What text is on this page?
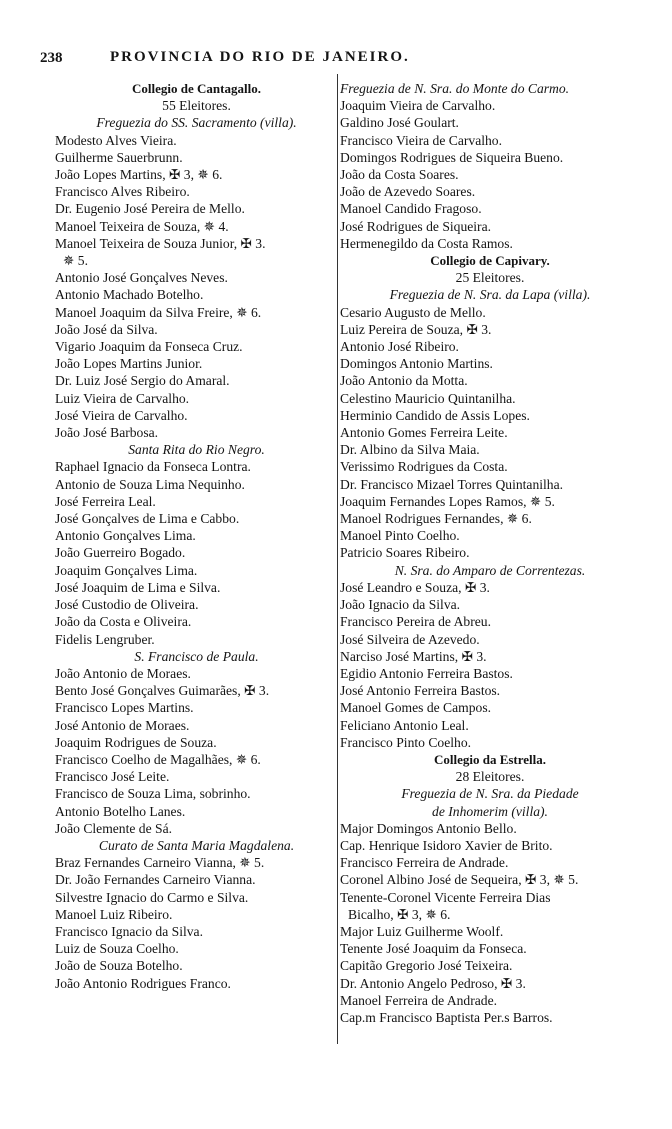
238	PROVINCIA DO RIO DE JANEIRO.
Collegio de Cantagallo.
55 Eleitores.
Freguezia do SS. Sacramento (villa).
Modesto Alves Vieira.
Guilherme Sauerbrunn.
João Lopes Martins, ✠ 3, ✵ 6.
Francisco Alves Ribeiro.
Dr. Eugenio José Pereira de Mello.
Manoel Teixeira de Souza, ✵ 4.
Manoel Teixeira de Souza Junior, ✠ 3.
✵ 5.
Antonio José Gonçalves Neves.
Antonio Machado Botelho.
Manoel Joaquim da Silva Freire, ✵ 6.
João José da Silva.
Vigario Joaquim da Fonseca Cruz.
João Lopes Martins Junior.
Dr. Luiz José Sergio do Amaral.
Luiz Vieira de Carvalho.
José Vieira de Carvalho.
João José Barbosa.
Santa Rita do Rio Negro.
Raphael Ignacio da Fonseca Lontra.
Antonio de Souza Lima Nequinho.
José Ferreira Leal.
José Gonçalves de Lima e Cabbo.
Antonio Gonçalves Lima.
João Guerreiro Bogado.
Joaquim Gonçalves Lima.
José Joaquim de Lima e Silva.
José Custodio de Oliveira.
João da Costa e Oliveira.
Fidelis Lengruber.
S. Francisco de Paula.
João Antonio de Moraes.
Bento José Gonçalves Guimarães, ✠ 3.
Francisco Lopes Martins.
José Antonio de Moraes.
Joaquim Rodrigues de Souza.
Francisco Coelho de Magalhães, ✵ 6.
Francisco José Leite.
Francisco de Souza Lima, sobrinho.
Antonio Botelho Lanes.
João Clemente de Sá.
Curato de Santa Maria Magdalena.
Braz Fernandes Carneiro Vianna, ✵ 5.
Dr. João Fernandes Carneiro Vianna.
Silvestre Ignacio do Carmo e Silva.
Manoel Luiz Ribeiro.
Francisco Ignacio da Silva.
Luiz de Souza Coelho.
João de Souza Botelho.
João Antonio Rodrigues Franco.
Freguezia de N. Sra. do Monte do Carmo.
Joaquim Vieira de Carvalho.
Galdino José Goulart.
Francisco Vieira de Carvalho.
Domingos Rodrigues de Siqueira Bueno.
João da Costa Soares.
João de Azevedo Soares.
Manoel Candido Fragoso.
José Rodrigues de Siqueira.
Hermenegildo da Costa Ramos.
Collegio de Capivary.
25 Eleitores.
Freguezia de N. Sra. da Lapa (villa).
Cesario Augusto de Mello.
Luiz Pereira de Souza, ✠ 3.
Antonio José Ribeiro.
Domingos Antonio Martins.
João Antonio da Motta.
Celestino Mauricio Quintanilha.
Herminio Candido de Assis Lopes.
Antonio Gomes Ferreira Leite.
Dr. Albino da Silva Maia.
Verissimo Rodrigues da Costa.
Dr. Francisco Mizael Torres Quintanilha.
Joaquim Fernandes Lopes Ramos, ✵ 5.
Manoel Rodrigues Fernandes, ✵ 6.
Manoel Pinto Coelho.
Patricio Soares Ribeiro.
N. Sra. do Amparo de Correntezas.
José Leandro e Souza, ✠ 3.
João Ignacio da Silva.
Francisco Pereira de Abreu.
José Silveira de Azevedo.
Narciso José Martins, ✠ 3.
Egidio Antonio Ferreira Bastos.
José Antonio Ferreira Bastos.
Manoel Gomes de Campos.
Feliciano Antonio Leal.
Francisco Pinto Coelho.
Collegio da Estrella.
28 Eleitores.
Freguezia de N. Sra. da Piedade
de Inhomerim (villa).
Major Domingos Antonio Bello.
Cap. Henrique Isidoro Xavier de Brito.
Francisco Ferreira de Andrade.
Coronel Albino José de Sequeira, ✠ 3, ✵ 5.
Tenente-Coronel Vicente Ferreira Dias
Bicalho, ✠ 3, ✵ 6.
Major Luiz Guilherme Woolf.
Tenente José Joaquim da Fonseca.
Capitão Gregorio José Teixeira.
Dr. Antonio Angelo Pedroso, ✠ 3.
Manoel Ferreira de Andrade.
Cap.m Francisco Baptista Per.s Barros.
